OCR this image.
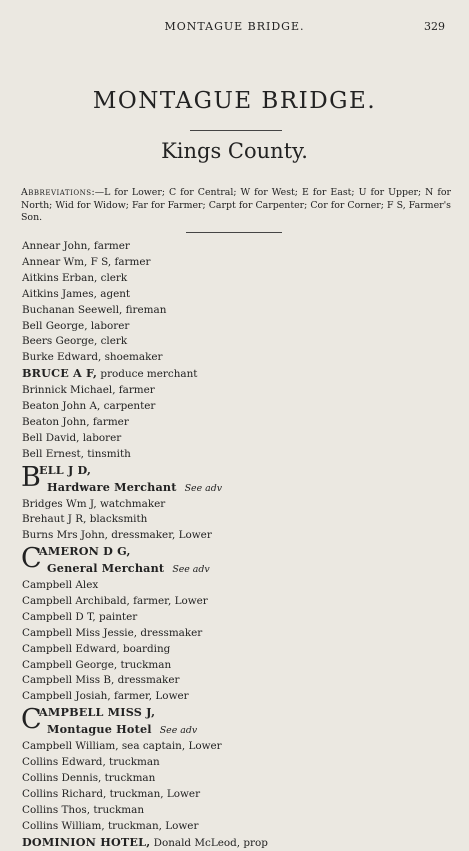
MONTAGUE BRIDGE.	329
MONTAGUE BRIDGE.
Kings County.

Abbreviations:—L for Lower; C for Central; W for West; E for East; U for Upper; N for North; Wid for Widow; Far for Farmer; Carpt for Carpenter; Cor for Corner; F S, Farmer's Son.

Annear John, farmer
Annear Wm, F S, farmer
Aitkins Erban, clerk
Aitkins James, agent
Buchanan Seewell, fireman
Bell George, laborer
Beers George, clerk
Burke Edward, shoemaker
BRUCE A F, produce merchant
Brinnick Michael, farmer
Beaton John A, carpenter
Beaton John, farmer
Bell David, laborer
Bell Ernest, tinsmith
B
ELL J D,
Hardware Merchant See adv
Bridges Wm J, watchmaker
Brehaut J R, blacksmith
Burns Mrs John, dressmaker, Lower
C
AMERON D G,
General Merchant See adv
Campbell Alex
Campbell Archibald, farmer, Lower
Campbell D T, painter
Campbell Miss Jessie, dressmaker
Campbell Edward, boarding
Campbell George, truckman
Campbell Miss B, dressmaker
Campbell Josiah, farmer, Lower
C
AMPBELL MISS J,
Montague Hotel See adv
Campbell William, sea captain, Lower
Collins Edward, truckman
Collins Dennis, truckman
Collins Richard, truckman, Lower
Collins Thos, truckman
Collins William, truckman, Lower
DOMINION HOTEL, Donald McLeod, prop
